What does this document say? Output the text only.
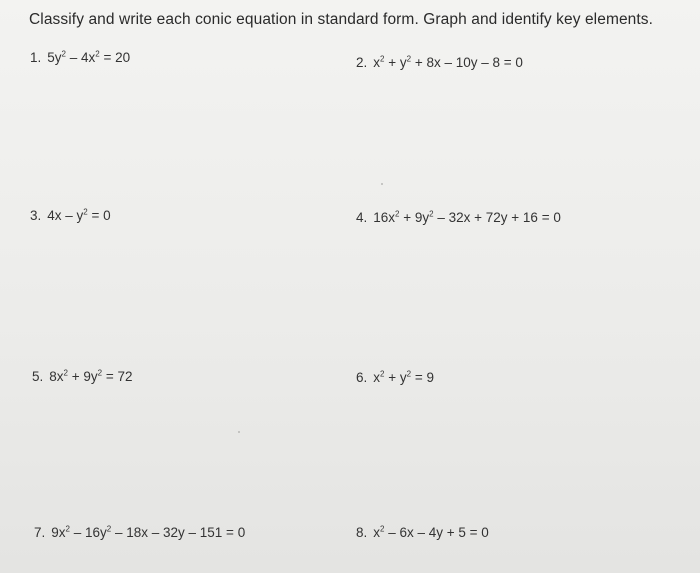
Classify and write each conic equation in standard form. Graph and identify key elements.
1. $5y^2 - 4x^2 = 20$	2. $x^2 + y^2 + 8x - 10y - 8 = 0$
3. $4x - y^2 = 0$	4. $16x^2 + 9y^2 - 32x + 72y + 16 = 0$
5. $8x^2 + 9y^2 = 72$	6. $x^2 + y^2 = 9$
7. $9x^2 - 16y^2 - 18x - 32y - 151 = 0$	8. $x^2 - 6x - 4y + 5 = 0$
